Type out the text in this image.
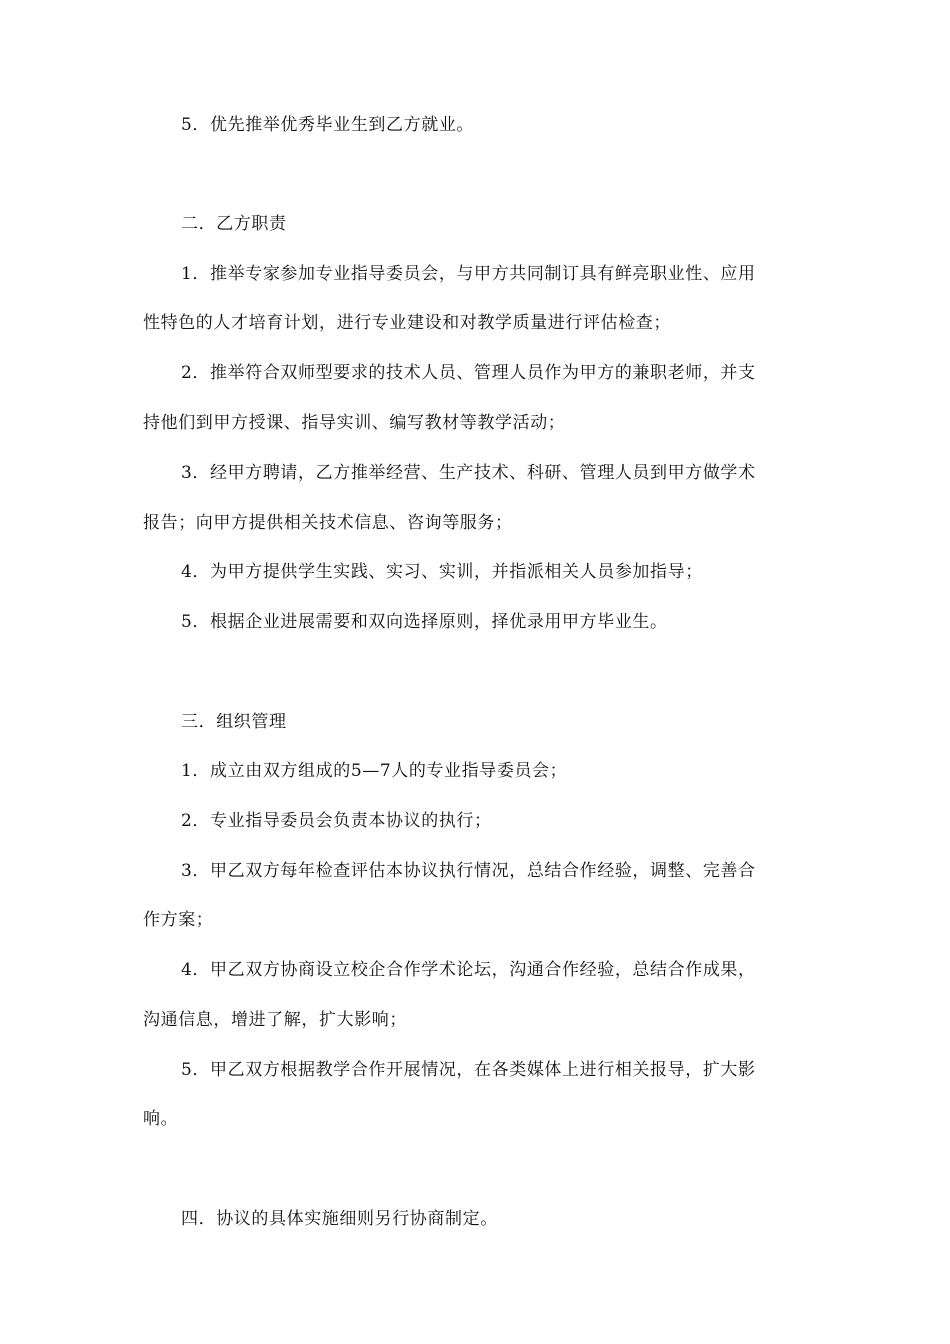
5．优先推举优秀毕业生到乙方就业。
二．乙方职责
1．推举专家参加专业指导委员会，与甲方共同制订具有鲜亮职业性、应用
性特色的人才培育计划，进行专业建设和对教学质量进行评估检查；
2．推举符合双师型要求的技术人员、管理人员作为甲方的兼职老师，并支
持他们到甲方授课、指导实训、编写教材等教学活动；
3．经甲方聘请，乙方推举经营、生产技术、科研、管理人员到甲方做学术
报告；向甲方提供相关技术信息、咨询等服务；
4．为甲方提供学生实践、实习、实训，并指派相关人员参加指导；
5．根据企业进展需要和双向选择原则，择优录用甲方毕业生。
三．组织管理
1．成立由双方组成的5—7人的专业指导委员会；
2．专业指导委员会负责本协议的执行；
3．甲乙双方每年检查评估本协议执行情况，总结合作经验，调整、完善合
作方案；
4．甲乙双方协商设立校企合作学术论坛，沟通合作经验，总结合作成果，
沟通信息，增进了解，扩大影响；
5．甲乙双方根据教学合作开展情况，在各类媒体上进行相关报导，扩大影
响。
四．协议的具体实施细则另行协商制定。
